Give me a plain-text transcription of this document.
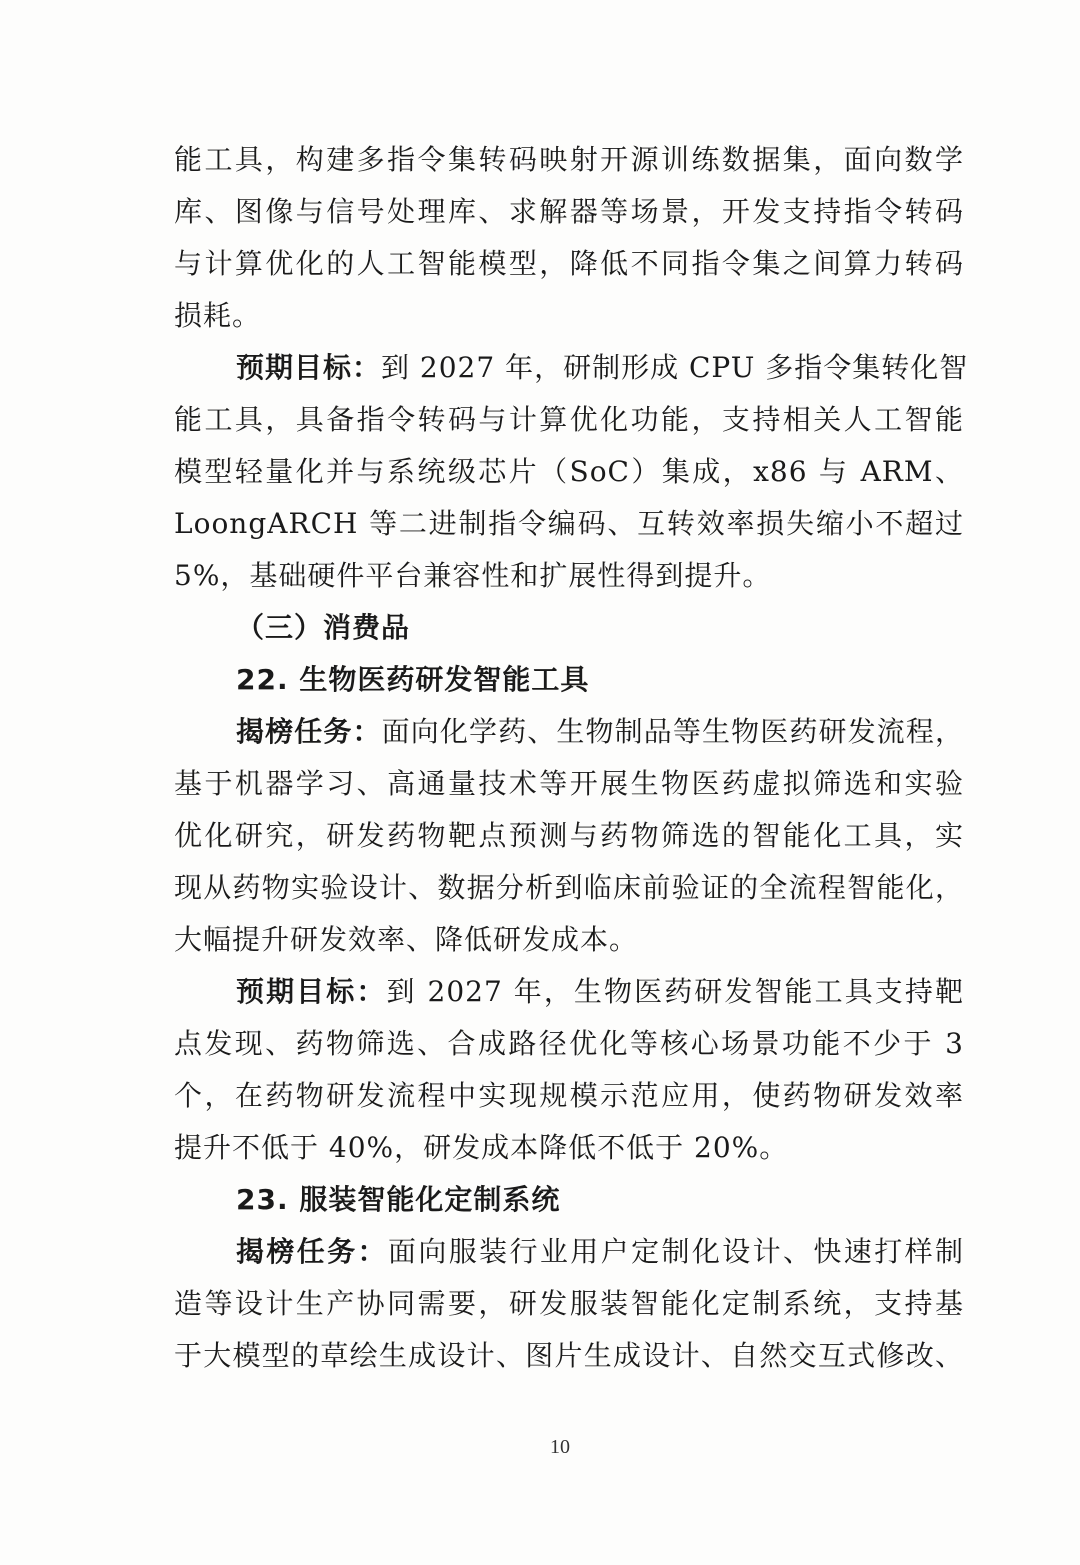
能工具，构建多指令集转码映射开源训练数据集，面向数学
库、图像与信号处理库、求解器等场景，开发支持指令转码
与计算优化的人工智能模型，降低不同指令集之间算力转码
损耗。
预期目标：到 2027 年，研制形成 CPU 多指令集转化智
能工具，具备指令转码与计算优化功能，支持相关人工智能
模型轻量化并与系统级芯片（SoC）集成，x86 与 ARM、
LoongARCH 等二进制指令编码、互转效率损失缩小不超过
5%，基础硬件平台兼容性和扩展性得到提升。
（三）消费品
22. 生物医药研发智能工具
揭榜任务：面向化学药、生物制品等生物医药研发流程，
基于机器学习、高通量技术等开展生物医药虚拟筛选和实验
优化研究，研发药物靶点预测与药物筛选的智能化工具，实
现从药物实验设计、数据分析到临床前验证的全流程智能化，
大幅提升研发效率、降低研发成本。
预期目标：到 2027 年，生物医药研发智能工具支持靶
点发现、药物筛选、合成路径优化等核心场景功能不少于 3
个，在药物研发流程中实现规模示范应用，使药物研发效率
提升不低于 40%，研发成本降低不低于 20%。
23. 服装智能化定制系统
揭榜任务：面向服装行业用户定制化设计、快速打样制
造等设计生产协同需要，研发服装智能化定制系统，支持基
于大模型的草绘生成设计、图片生成设计、自然交互式修改、
10
